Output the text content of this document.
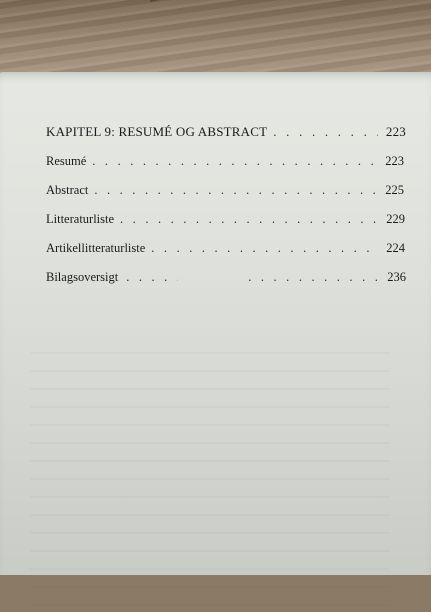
KAPITEL 9: RESUMÉ OG ABSTRACT . . .	223
Resumé . . .	223
Abstract . . .	225
Litteraturliste . . .	229
Artikellitteraturliste . . .	224
Bilagsoversigt . . . . . .	236
